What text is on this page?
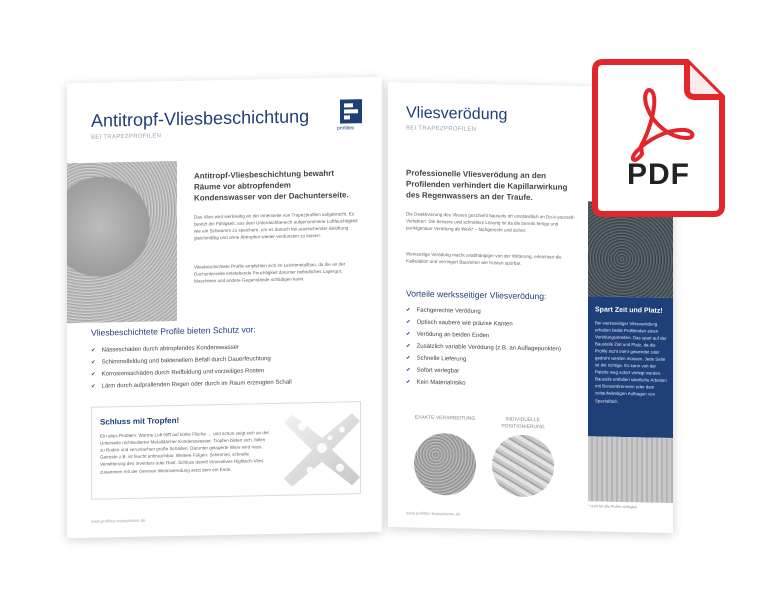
Antitropf-Vliesbeschichtung
BEI TRAPEZPROFILEN
profiltec
Antitropf-Vliesbeschichtung bewahrt Räume vor abtropfendem Kondenswasser von der Dachunterseite.
Das Vlies wird werkseitig an der Innenseite von Trapezprofilen aufgebracht. Es besitzt die Fähigkeit, aus dem Unterdachbereich aufgenommene Luftfeuchtigkeit wie ein Schwamm zu speichern, um es danach bei ausreichender Belüftung gleichmäßig und ohne Abtropfen wieder verdunsten zu lassen.
Vliesbeschichtete Profile empfehlen sich im Leichtmetallbau, da die an der Dachunterseite entstehende Feuchtigkeit darunter befindliches Lagergut, Maschinen und andere Gegenstände schädigen kann.
Vliesbeschichtete Profile bieten Schutz vor:
✔ Nässeschäden durch abtropfendes Kondenswasser
✔ Schimmelbildung und bakteriellem Befall durch Dauerfeuchtung
✔ Korrosionsschäden durch Reifbildung und vorzeitiges Rosten
✔ Lärm durch aufprallenden Regen oder durch im Raum erzeugten Schall
Schluss mit Tropfen!
Ein altes Problem: Warme Luft trifft auf kühle Fläche … und schon zeigt sich an der Unterseite nichtisolierter Metalldächer Kondenswasser. Tropfen bilden sich, fallen zu Boden und verursachen große Schäden. Darunter gelagerte Ware wird nass, Getreide z.B. ist feucht unbrauchbar. Weitere Folgen: Schimmel, schnelle Verwitterung des Inventars oder Rost. Schluss damit! Innovatives Hightech-Vlies zusammen mit der cleveren Werksveredung setzt dem ein Ende.
www.profiltec-bausysteme.de
Vliesverödung
BEI TRAPEZPROFILEN
Professionelle Vliesverödung an den Profilenden verhindert die Kapillarwirkung des Regenwassers an der Traufe.
Die Deaktivierung des Vlieses geschieht bauseits oft umständlich im Do-it-yourself-Verfahren. Die bessere und schnellere Lösung ist da die bereits fertige und punktgenaue Verödung ab Werk* – fachgerecht und sicher.
Werkseitige Verödung macht unabhängiger von der Witterung, erleichtert die Kalkulation und verringert Bauzeiten wie Kosten spürbar.
Vorteile werksseitiger Vliesverödung:
✔ Fachgerechte Verödung
✔ Optisch saubere wie präzise Kanten
✔ Verödung an beiden Enden
✔ Zusätzlich variable Verödung (z.B. an Auflagepunkten)
✔ Schnelle Lieferung
✔ Sofort verlegbar
✔ Kein Materialrisiko
EXAKTE VERARBEITUNG	INDIVIDUELLE POSITIONIERUNG
Spart Zeit und Platz!
Bei werksseitiger Vliesverödung erhalten beide Profilenden einen Verödungsstreifen. Das spart auf der Baustelle Zeit und Platz, da die Profile nicht mehr gewendet oder gedreht werden müssen. Jede Seite ist die richtige. Es kann von der Palette weg sofort verlegt werden. Bauseits entfallen sämtliche Arbeiten mit Bunsenbrennern oder dem zeitaufwändigen Auftragen von Spezialfack.
* nicht für alle Profile verfügbar
www.profiltec-bausysteme.de
PDF
